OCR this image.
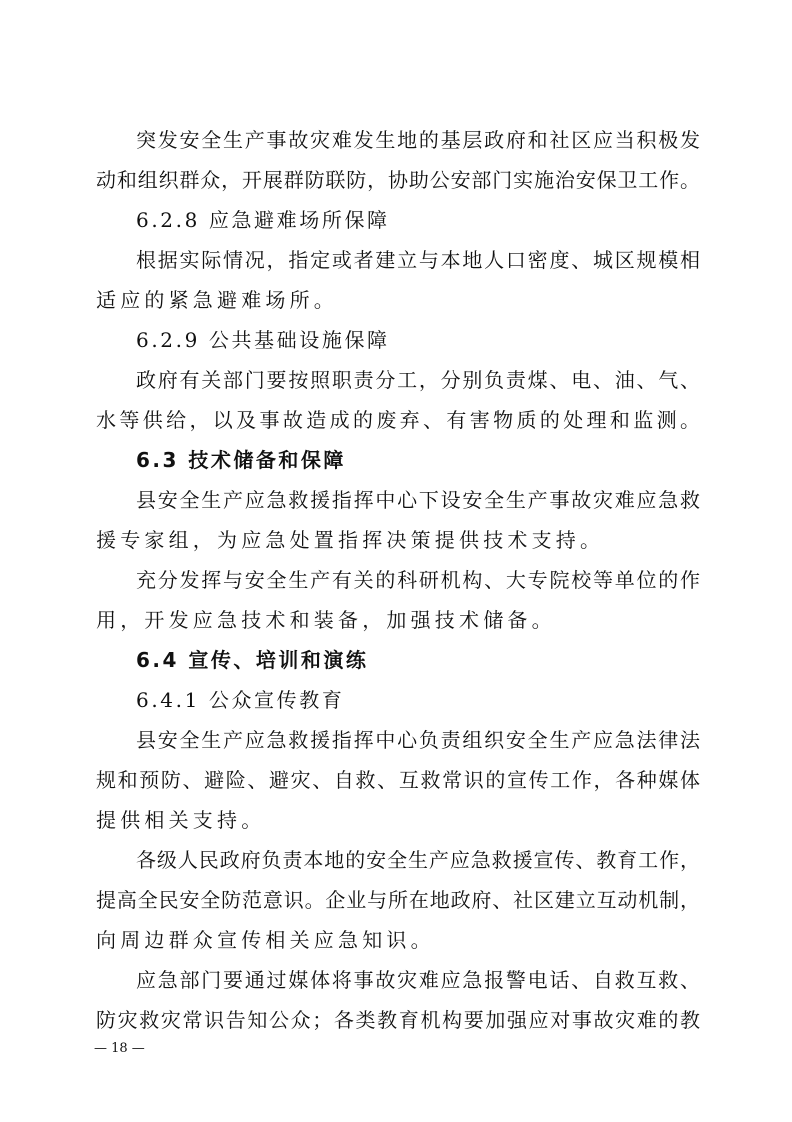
突发安全生产事故灾难发生地的基层政府和社区应当积极发
动和组织群众，开展群防联防，协助公安部门实施治安保卫工作。
6.2.8 应急避难场所保障
根据实际情况，指定或者建立与本地人口密度、城区规模相
适应的紧急避难场所。
6.2.9 公共基础设施保障
政府有关部门要按照职责分工，分别负责煤、电、油、气、
水等供给，以及事故造成的废弃、有害物质的处理和监测。
6.3 技术储备和保障
县安全生产应急救援指挥中心下设安全生产事故灾难应急救
援专家组，为应急处置指挥决策提供技术支持。
充分发挥与安全生产有关的科研机构、大专院校等单位的作
用，开发应急技术和装备，加强技术储备。
6.4 宣传、培训和演练
6.4.1 公众宣传教育
县安全生产应急救援指挥中心负责组织安全生产应急法律法
规和预防、避险、避灾、自救、互救常识的宣传工作，各种媒体
提供相关支持。
各级人民政府负责本地的安全生产应急救援宣传、教育工作，
提高全民安全防范意识。企业与所在地政府、社区建立互动机制，
向周边群众宣传相关应急知识。
应急部门要通过媒体将事故灾难应急报警电话、自救互救、
防灾救灾常识告知公众；各类教育机构要加强应对事故灾难的教
— 18 —
